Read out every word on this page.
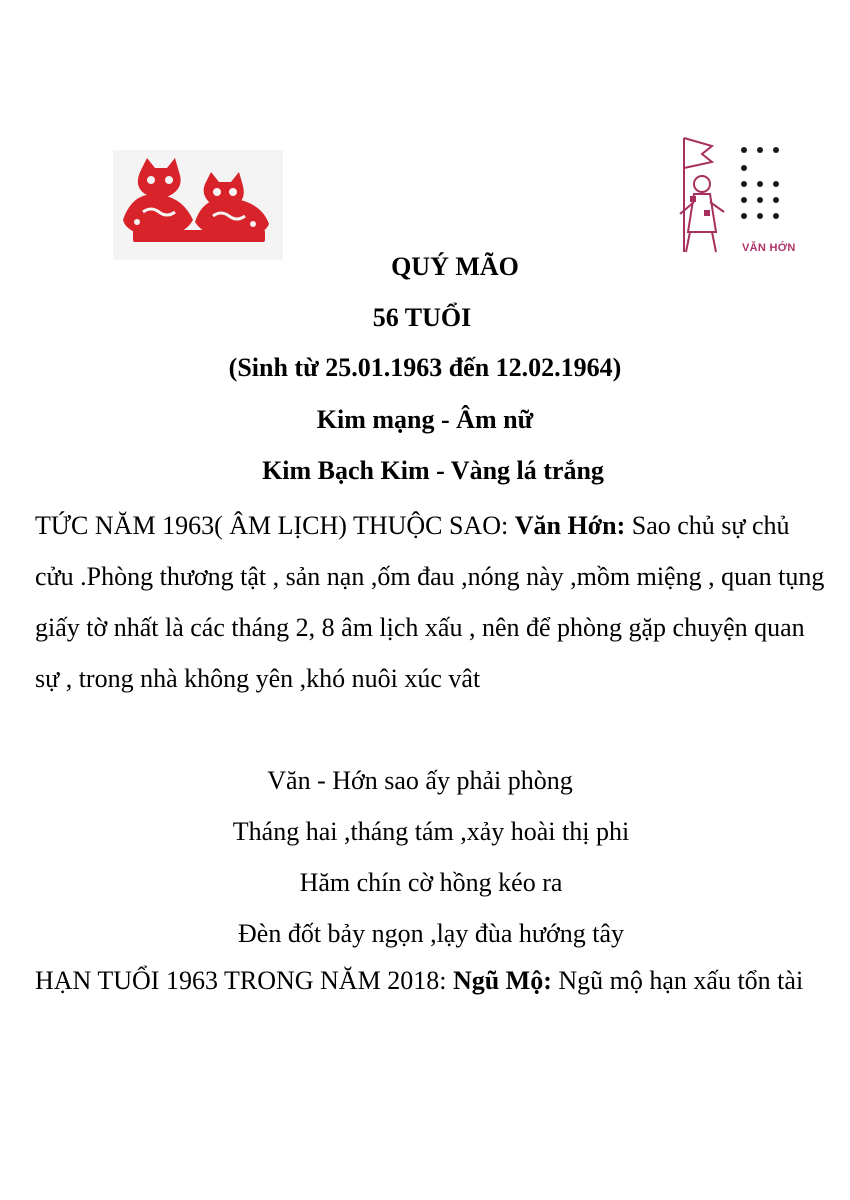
VĂN HỚN
QUÝ MÃO
56 TUỔI
(Sinh từ 25.01.1963 đến 12.02.1964)
Kim mạng - Âm nữ
Kim Bạch Kim - Vàng lá trắng
TỨC NĂM 1963( ÂM LỊCH) THUỘC SAO: Văn Hớn: Sao chủ sự chủ cửu .Phòng thương tật , sản nạn ,ốm đau ,nóng này ,mồm miệng , quan tụng giấy tờ nhất là các tháng 2, 8 âm lịch xấu , nên để phòng gặp chuyện quan sự , trong nhà không yên ,khó nuôi xúc vât
Văn - Hớn sao ấy phải phòng
Tháng hai ,tháng tám ,xảy hoài thị phi
Hăm chín cờ hồng kéo ra
Đèn đốt bảy ngọn ,lạy đùa hướng tây
HẠN TUỔI 1963 TRONG NĂM 2018: Ngũ Mộ: Ngũ mộ hạn xấu tổn tài
